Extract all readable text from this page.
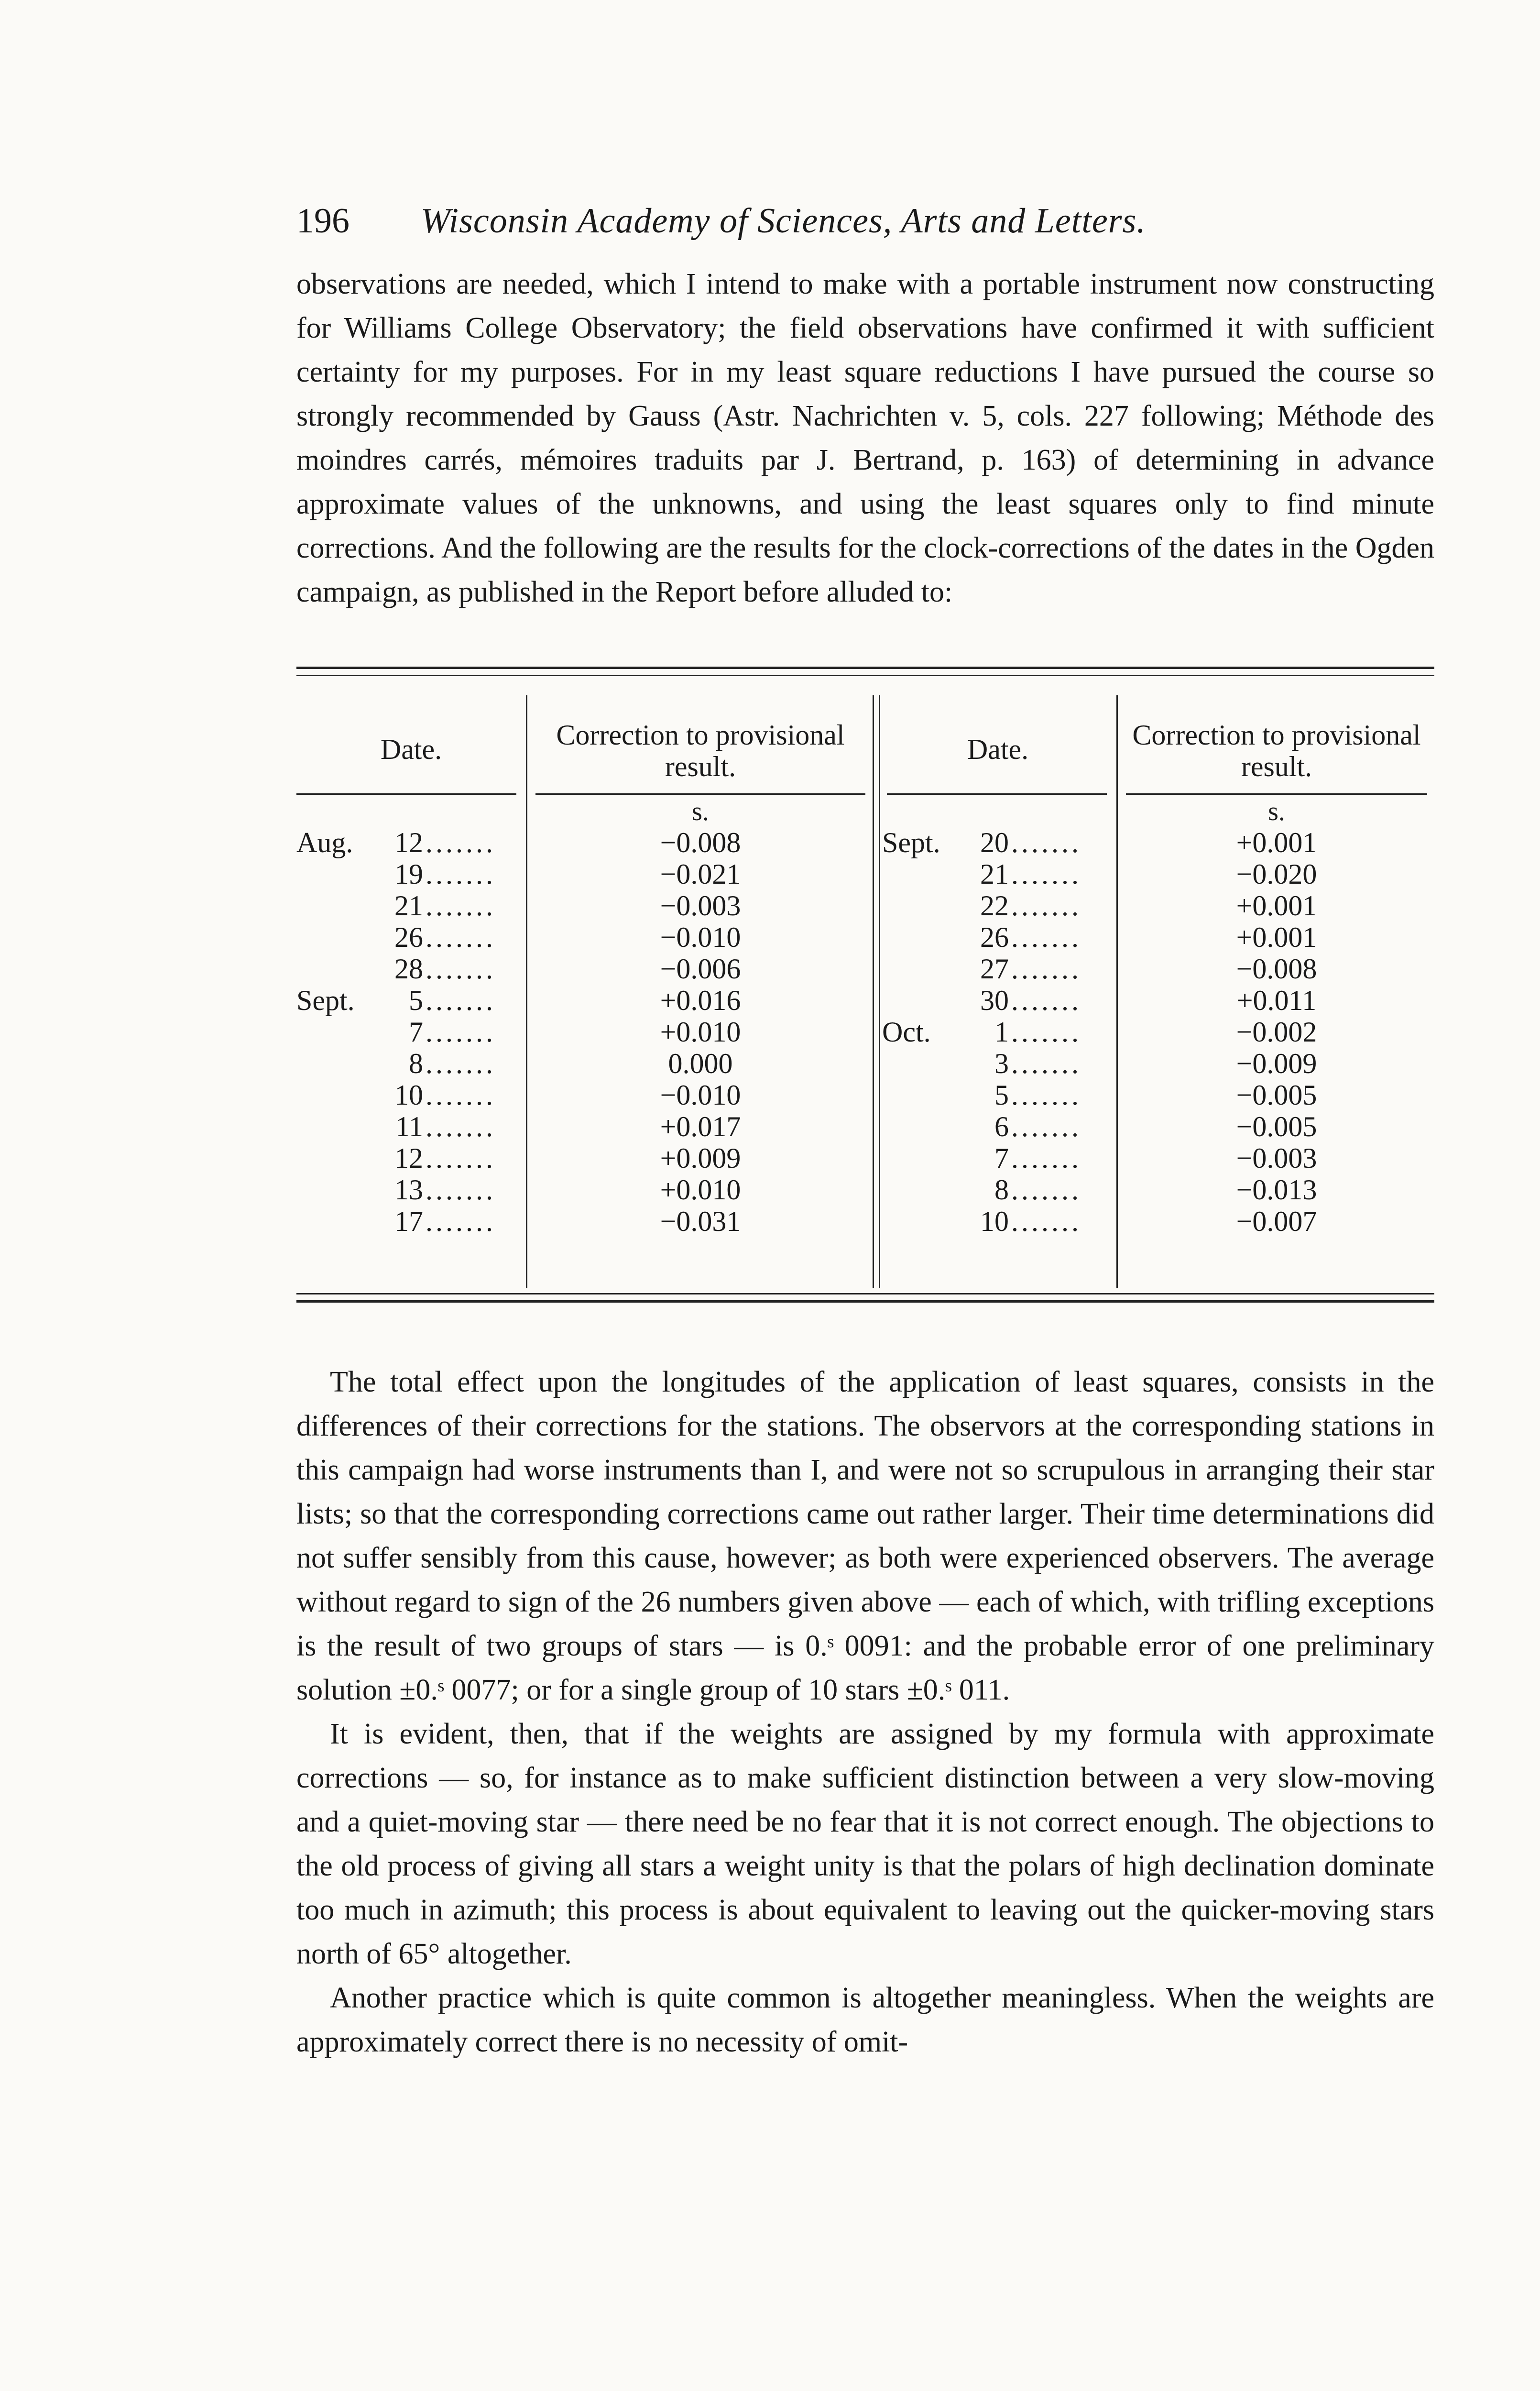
196 Wisconsin Academy of Sciences, Arts and Letters.

observations are needed, which I intend to make with a portable instrument now constructing for Williams College Observatory; the field observations have confirmed it with sufficient certainty for my purposes. For in my least square reductions I have pursued the course so strongly recommended by Gauss (Astr. Nachrichten v. 5, cols. 227 following; Méthode des moindres carrés, mémoires traduits par J. Bertrand, p. 163) of determining in advance approximate values of the unknowns, and using the least squares only to find minute corrections. And the following are the results for the clock-corrections of the dates in the Ogden campaign, as published in the Report before alluded to:

Date.	Correction to provisional result.
Date.	Correction to provisional result.
s.	s.
Aug.	12 .......	−0.008
19 .......	−0.021
21 .......	−0.003
26 .......	−0.010
28 .......	−0.006
Sept.	5 .......	+0.016
7 .......	+0.010
8 .......	0.000
10 .......	−0.010
11 .......	+0.017
12 .......	+0.009
13 .......	+0.010
17 .......	−0.031
Sept.	20 .......	+0.001
21 .......	−0.020
22 .......	+0.001
26 .......	+0.001
27 .......	−0.008
30 .......	+0.011
Oct.	1 .......	−0.002
3 .......	−0.009
5 .......	−0.005
6 .......	−0.005
7 .......	−0.003
8 .......	−0.013
10 .......	−0.007

The total effect upon the longitudes of the application of least squares, consists in the differences of their corrections for the stations. The observors at the corresponding stations in this campaign had worse instruments than I, and were not so scrupulous in arranging their star lists; so that the corresponding corrections came out rather larger. Their time determinations did not suffer sensibly from this cause, however; as both were experienced observers. The average without regard to sign of the 26 numbers given above — each of which, with trifling exceptions is the result of two groups of stars — is 0.ˢ 0091: and the probable error of one preliminary solution ±0.ˢ 0077; or for a single group of 10 stars ±0.ˢ 011.

It is evident, then, that if the weights are assigned by my formula with approximate corrections — so, for instance as to make sufficient distinction between a very slow-moving and a quiet-moving star — there need be no fear that it is not correct enough. The objections to the old process of giving all stars a weight unity is that the polars of high declination dominate too much in azimuth; this process is about equivalent to leaving out the quicker-moving stars north of 65° altogether.

Another practice which is quite common is altogether meaningless. When the weights are approximately correct there is no necessity of omit-
